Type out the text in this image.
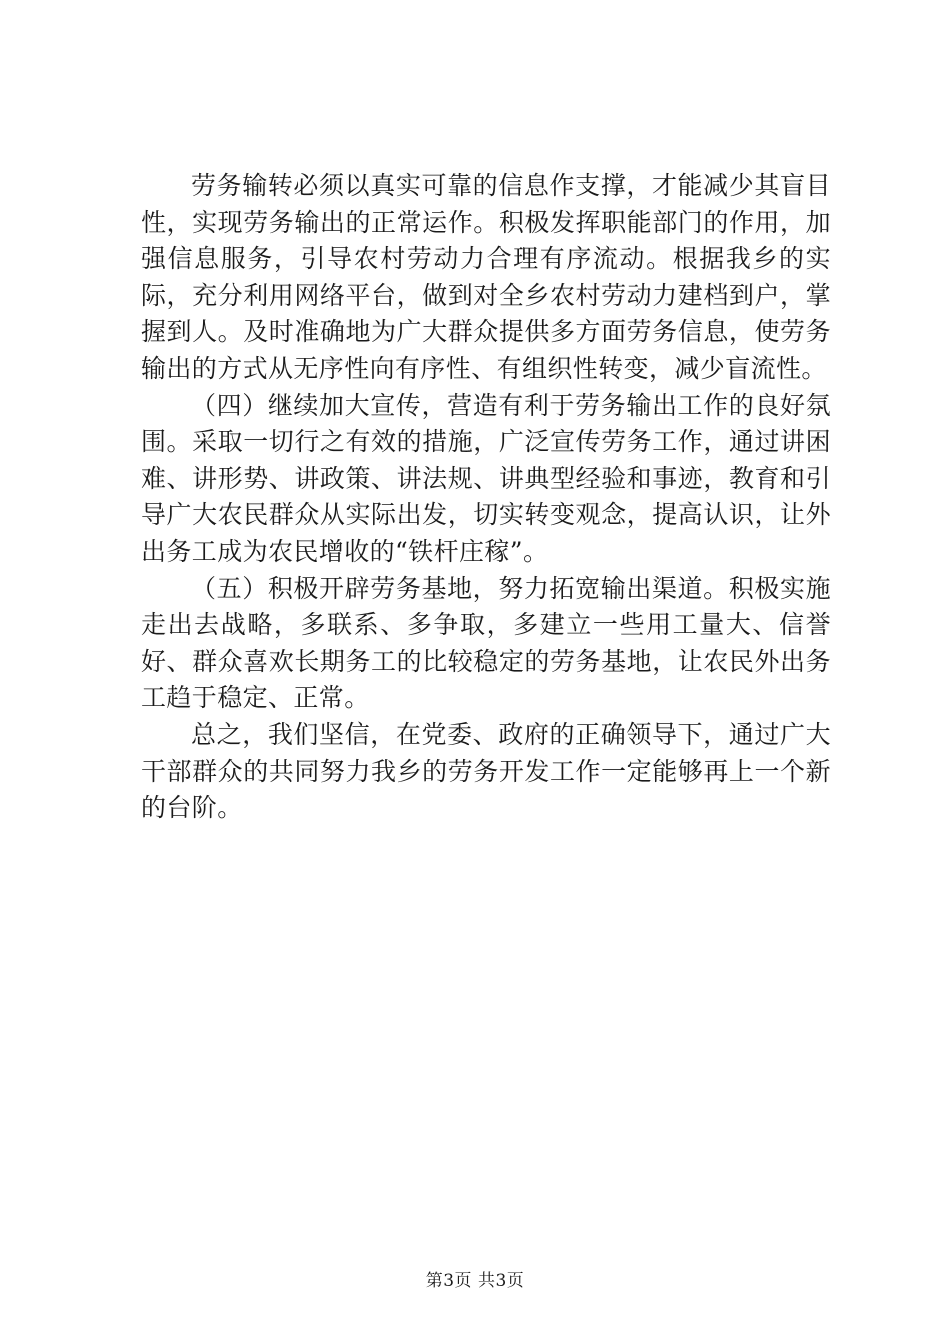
劳务输转必须以真实可靠的信息作支撑，才能减少其盲目性，实现劳务输出的正常运作。积极发挥职能部门的作用，加强信息服务，引导农村劳动力合理有序流动。根据我乡的实际，充分利用网络平台，做到对全乡农村劳动力建档到户，掌握到人。及时准确地为广大群众提供多方面劳务信息，使劳务输出的方式从无序性向有序性、有组织性转变，减少盲流性。

（四）继续加大宣传，营造有利于劳务输出工作的良好氛围。采取一切行之有效的措施，广泛宣传劳务工作，通过讲困难、讲形势、讲政策、讲法规、讲典型经验和事迹，教育和引导广大农民群众从实际出发，切实转变观念，提高认识，让外出务工成为农民增收的“铁杆庄稼”。

（五）积极开辟劳务基地，努力拓宽输出渠道。积极实施走出去战略，多联系、多争取，多建立一些用工量大、信誉好、群众喜欢长期务工的比较稳定的劳务基地，让农民外出务工趋于稳定、正常。

总之，我们坚信，在党委、政府的正确领导下，通过广大干部群众的共同努力我乡的劳务开发工作一定能够再上一个新的台阶。

第3页 共3页
